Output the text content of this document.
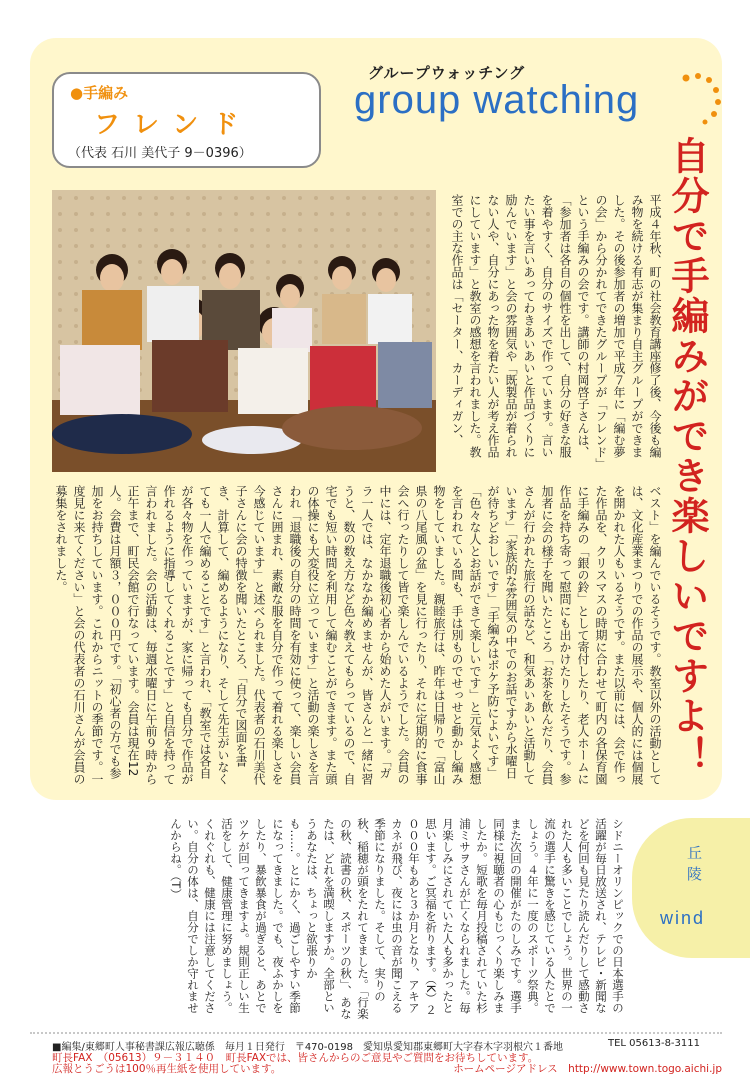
●手編み
フレンド
（代表 石川 美代子 9－0396）
グループウォッチング
group watching
自分で手編みができ楽しいですよ！
平成４年秋、町の社会教育講座修了後、今後も編み物を続ける有志が集まり自主グループができました。その後参加者の増加で平成７年に「編む夢の会」から分かれてできたグループが「フレンド」という手編みの会です。講師の村岡啓子さんは、「参加者は各自の個性を出して、自分の好きな服を着やすく、自分のサイズで作っています。言いたい事を言いあってわきあいあいと作品づくりに励んでいます」と会の雰囲気や「既製品が着られない人や、自分にあった物を着たい人が考え作品にしています」と教室の感想を言われました。教室での主な作品は「セーター、カーディガン、
ベスト」を編んでいるそうです。教室以外の活動としては、文化産業まつりでの作品の展示や、個人的には個展を開かれた人もいるそうです。また以前には、会で作った作品を、クリスマスの時期に合わせて町内の各保育園に手編みの「銀の鈴」として寄付したり、老人ホームに作品を持ち寄って慰問にも出かけたりしたそうです。参加者に会の様子を聞いたところ「お茶を飲んだり、会員さんが行かれた旅行の話など、和気あいあいと活動しています」「家族的な雰囲気の中でのお話ですから水曜日が待ちどおしいです」「手編みはボケ予防によいです」「色々な人とお話ができて楽しいです」と元気よく感想を言われている間も、手は別ものでせっせと動かし編み物をしていました。親睦旅行は、昨年は日帰りで「富山県の八尾風の盆」を見に行ったり、それに定期的に食事会へ行ったりして皆で楽しんでいるようでした。会員の中には、定年退職後初心者から始めた人がいます。「ガラ一人では、なかなか編めませんが、皆さんと一緒に習うと、数の数え方など色々教えてもらっているので、自宅でも短い時間を利用して編むことができます。また頭の体操にも大変役に立っています」と活動の楽しさを言われ「退職後の自分の時間を有効に使って、楽しい会員さんに囲まれ、素敵な服を自分で作って着れる楽しさを今感じています」と述べられました。代表者の石川美代子さんに会の特徴を聞いたところ、「自分で図面を書き、計算して、編めるようになり、そして先生がいなくても一人で編めることです」と言われ、「教室では各自が各々物を作っていますが、家に帰っても自分で作品が作れるように指導してくれることです」と自信を持って言われました。会の活動は、毎週水曜日に午前９時から正午まで、町民会館で行なっています。会員は現在12人。会費は月額３，０００円です。「初心者の方でも参加をお持ちしています。これからニットの季節です。一度見に来てください」と会の代表者の石川さんが会員の募集をされました。
丘陵
wind
シドニーオリンピックでの日本選手の活躍が毎日放送され、テレビ・新聞などを何回も見たり読んだりして感動された人も多いことでしょう。世界の一流の選手に驚きを感じている人たとでしょう。４年に一度のスポーツ祭典。また次回の開催がたのしみです。選手同様に視聴者の心もじっくり楽しみましたか。短歌を毎月投稿されていた杉浦ミサヲさんが亡くなられました。毎月楽しみにされていた人も多かったと思います。ご冥福を祈ります。（K）２０００年もあと３か月となり、アキアカネが飛び、夜には虫の音が聞こえる季節になりました。そして、実りの秋、稲穂が頭をたれてきました。「行楽の秋、読書の秋、スポーツの秋」、あなたは、どれを満喫しますか。全部というあなたは、ちょっと欲張りかも……。とにかく、過ごしやすい季節になってきました。でも、夜ふかしをしたり、暴飲暴食が過ぎると、あとでツケが回ってきますよ。規則正しい生活をして、健康管理に努めましょう。くれぐれも、健康には注意してください。自分の体は、自分でしか守れませんからね。（T）
■編集/東郷町人事秘書課広報広聴係　毎月１日発行　〒470-0198　愛知県愛知郡東郷町大字春木字羽根穴１番地	TEL 05613-8-3111
町長FAX　（05613）９－３１４０　町長FAXでは、皆さんからのご意見やご質問をお待ちしています。
広報とうごうは100％再生紙を使用しています。	ホームページアドレス　http://www.town.togo.aichi.jp
